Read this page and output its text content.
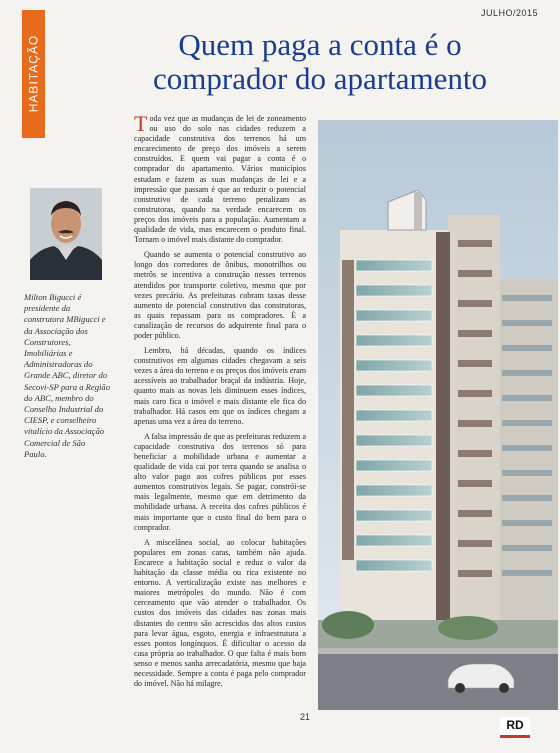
JULHO/2015
HABITAÇÃO	Quem paga a conta é o
comprador do apartamento
Milton Bigucci é presidente da construtora MBigucci e da Associação dos Construtores, Imobiliárias e Administradoras do Grande ABC, diretor do Secovi-SP para a Região do ABC, membro do Conselho Industrial do CIESP, e conselheiro vitalício da Associação Comercial de São Paulo.

Toda vez que as mudanças de lei de zoneamento ou uso do solo nas cidades reduzem a capacidade construtiva dos terrenos há um encarecimento de preço dos imóveis a serem construídos. E quem vai pagar a conta é o comprador do apartamento. Vários municípios estudam e fazem as suas mudanças de lei e a impressão que passam é que ao reduzir o potencial construtivo de cada terreno penalizam as construtoras, quando na verdade encarecem os preços dos imóveis para a população. Aumentam a qualidade de vida, mas encarecem o produto final. Tornam o imóvel mais distante do comprador.

Quando se aumenta o potencial construtivo ao longo dos corredores de ônibus, monotrilhos ou metrôs se incentiva a construção nesses terrenos atendidos por transporte coletivo, mesmo que por vezes precário. As prefeituras cobram taxas desse aumento de potencial construtivo das construtoras, as quais repassam para os compradores. É a canalização de recursos do adquirente final para o poder público.

Lembro, há décadas, quando os índices construtivos em algumas cidades chegavam a seis vezes a área do terreno e os preços dos imóveis eram acessíveis ao trabalhador braçal da indústria. Hoje, quanto mais as novas leis diminuem esses índices, mais caro fica o imóvel e mais distante ele fica do trabalhador. Há casos em que os índices chegam a apenas uma vez a área do terreno.

A falsa impressão de que as prefeituras reduzem a capacidade construtiva dos terrenos só para beneficiar a mobilidade urbana e aumentar a qualidade de vida cai por terra quando se analisa o alto valor pago aos cofres públicos por esses aumentos construtivos legais. Se pagar, constrói-se mais legalmente, mesmo que em detrimento da mobilidade urbana. A receita dos cofres públicos é mais importante que o custo final do bem para o comprador.

A miscelânea social, ao colocar habitações populares em zonas caras, também não ajuda. Encarece a habitação social e reduz o valor da habitação da classe média ou rica existente no entorno. A verticalização existe nas melhores e maiores metrópoles do mundo. Não é com cerceamento que vão atender o trabalhador. Os custos dos imóveis das cidades nas zonas mais distantes do centro são acrescidos dos altos custos para levar água, esgoto, energia e infraestrutura a esses pontos longínquos. É dificultar o acesso da casa própria ao trabalhador. O que falta é mais bom senso e menos sanha arrecadatória, mesmo que haja necessidade. Sempre a conta é paga pelo comprador do imóvel. Não há milagre.

21
RD
